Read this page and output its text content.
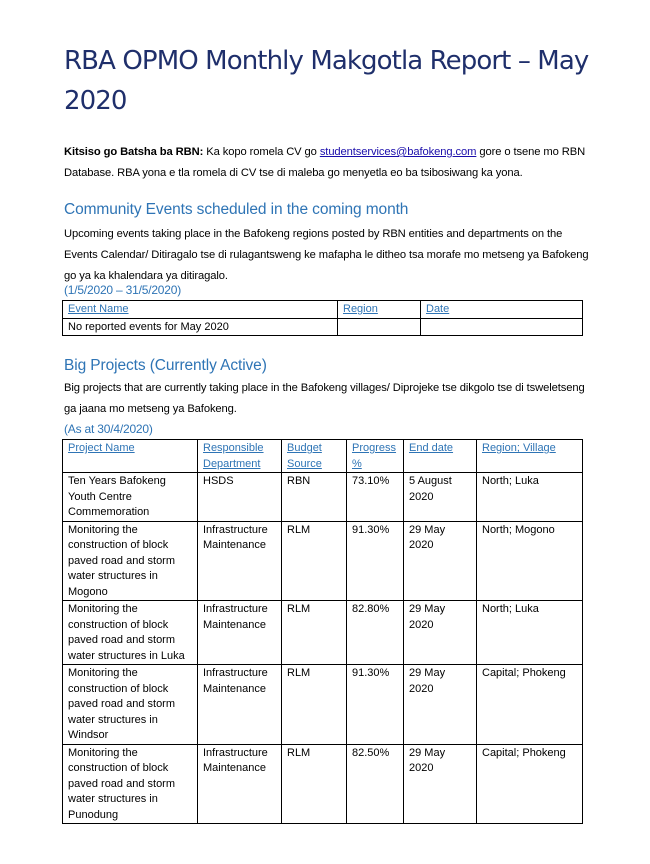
RBA OPMO Monthly Makgotla Report – May 2020
Kitsiso go Batsha ba RBN: Ka kopo romela CV go studentservices@bafokeng.com gore o tsene mo RBN Database. RBA yona e tla romela di CV tse di maleba go menyetla eo ba tsibosiwang ka yona.
Community Events scheduled in the coming month
Upcoming events taking place in the Bafokeng regions posted by RBN entities and departments on the Events Calendar/ Ditiragalo tse di rulagantsweng ke mafapha le ditheo tsa morafe mo metseng ya Bafokeng go ya ka khalendara ya ditiragalo.
(1/5/2020 – 31/5/2020)
Event Name	Region	Date
No reported events for May 2020		
Big Projects (Currently Active)
Big projects that are currently taking place in the Bafokeng villages/ Diprojeke tse dikgolo tse di tsweletseng ga jaana mo metseng ya Bafokeng.
(As at 30/4/2020)
Project Name	Responsible Department	Budget Source	Progress %	End date	Region; Village
Ten Years Bafokeng Youth Centre Commemoration	HSDS	RBN	73.10%	5 August 2020	North; Luka
Monitoring the construction of block paved road and storm water structures in Mogono	Infrastructure Maintenance	RLM	91.30%	29 May 2020	North; Mogono
Monitoring the construction of block paved road and storm water structures in Luka	Infrastructure Maintenance	RLM	82.80%	29 May 2020	North; Luka
Monitoring the construction of block paved road and storm water structures in Windsor	Infrastructure Maintenance	RLM	91.30%	29 May 2020	Capital; Phokeng
Monitoring the construction of block paved road and storm water structures in Punodung	Infrastructure Maintenance	RLM	82.50%	29 May 2020	Capital; Phokeng
